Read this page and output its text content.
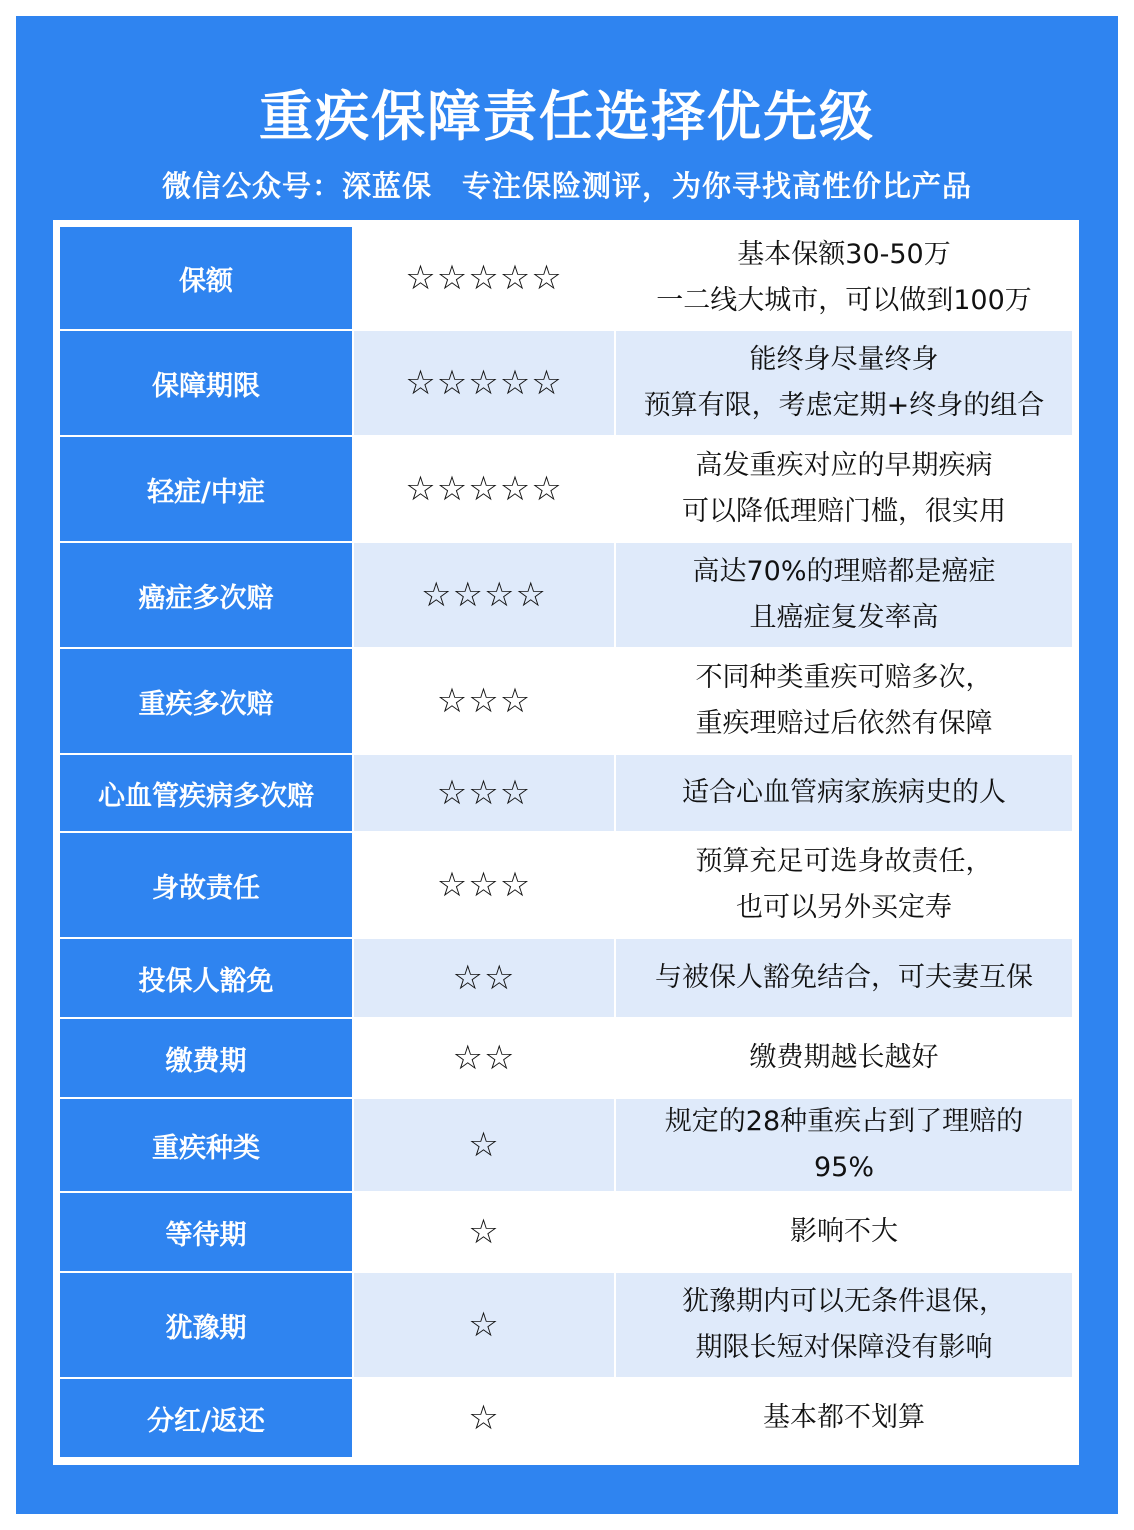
重疾保障责任选择优先级
微信公众号：深蓝保　专注保险测评，为你寻找高性价比产品
保额	☆☆☆☆☆	基本保额30-50万
一二线大城市，可以做到100万

保障期限	☆☆☆☆☆	能终身尽量终身
预算有限，考虑定期+终身的组合

轻症/中症	☆☆☆☆☆	高发重疾对应的早期疾病
可以降低理赔门槛，很实用

癌症多次赔	☆☆☆☆	高达70%的理赔都是癌症
且癌症复发率高

重疾多次赔	☆☆☆	不同种类重疾可赔多次，
重疾理赔过后依然有保障

心血管疾病多次赔	☆☆☆	适合心血管病家族病史的人

身故责任	☆☆☆	预算充足可选身故责任，
也可以另外买定寿

投保人豁免	☆☆	与被保人豁免结合，可夫妻互保

缴费期	☆☆	缴费期越长越好

重疾种类	☆	规定的28种重疾占到了理赔的
95%

等待期	☆	影响不大

犹豫期	☆	犹豫期内可以无条件退保，
期限长短对保障没有影响

分红/返还	☆	基本都不划算
